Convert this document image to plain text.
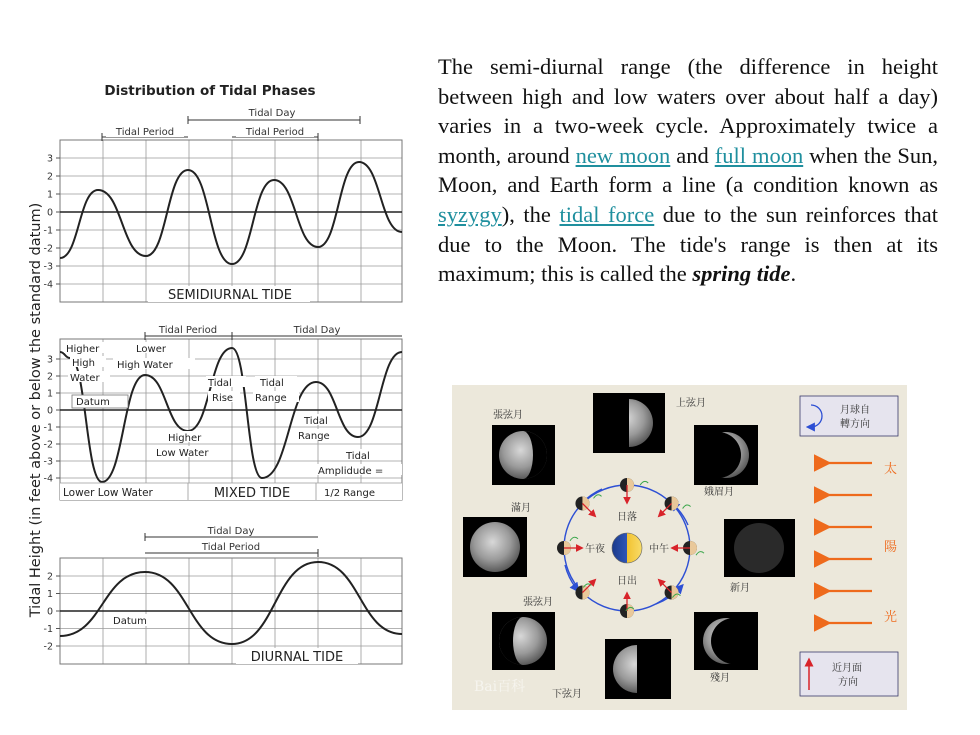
Distribution of Tidal Phases
Tidal Height (in feet above or below the standard datum)
3
2
1
0
-1
-2
-3
-4
Tidal Day
Tidal Period	Tidal Period
SEMIDIURNAL TIDE
3
2
1
0
-1
-2
-3
-4
Tidal Period	Tidal Day
Higher
High
Water
Lower
High Water
Datum
Tidal
Rise
Tidal
Range
Tidal
Range
Higher
Low Water	Tidal
Amplidude =
Lower Low Water	MIXED TIDE	1/2 Range
2
1
0
-1
-2
Tidal Day
Tidal Period
Datum
DIURNAL TIDE
The semi-diurnal range (the difference in height between high and low waters over about half a day) varies in a two-week cycle. Approximately twice a month, around new moon and full moon when the Sun, Moon, and Earth form a line (a condition known as syzygy), the tidal force due to the sun reinforces that due to the Moon. The tide's range is then at its maximum; this is called the spring tide.
日落
日出
午夜	中午
上弦月
張弦月
娥眉月
滿月
新月
張弦月
下弦月
殘月
月球自
轉方向
近月面
方向
太
陽
光
Bai百科
